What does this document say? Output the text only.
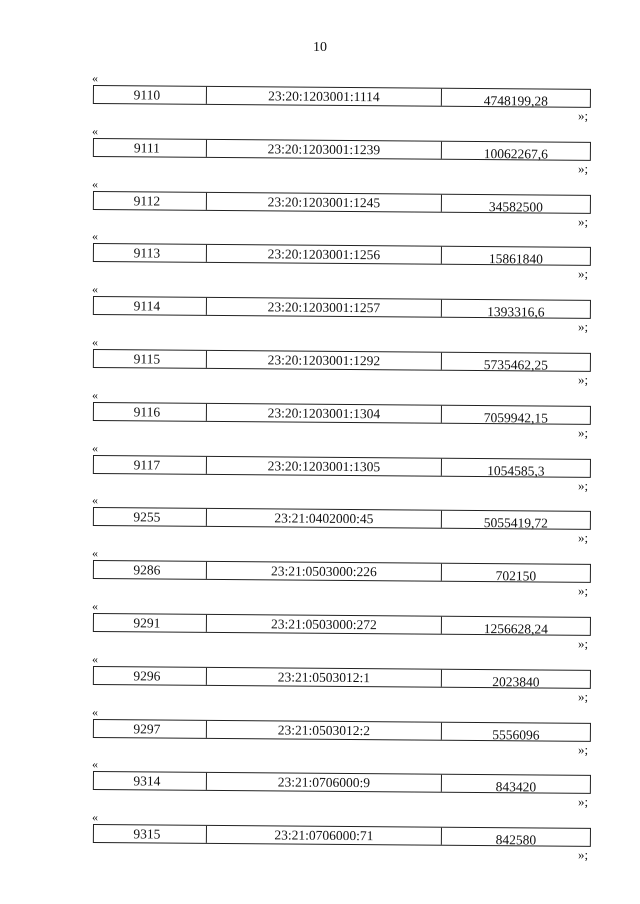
10
«
9110	23:20:1203001:1114	4748199,28
»;
«
9111	23:20:1203001:1239	10062267,6
»;
«
9112	23:20:1203001:1245	34582500
»;
«
9113	23:20:1203001:1256	15861840
»;
«
9114	23:20:1203001:1257	1393316,6
»;
«
9115	23:20:1203001:1292	5735462,25
»;
«
9116	23:20:1203001:1304	7059942,15
»;
«
9117	23:20:1203001:1305	1054585,3
»;
«
9255	23:21:0402000:45	5055419,72
»;
«
9286	23:21:0503000:226	702150
»;
«
9291	23:21:0503000:272	1256628,24
»;
«
9296	23:21:0503012:1	2023840
»;
«
9297	23:21:0503012:2	5556096
»;
«
9314	23:21:0706000:9	843420
»;
«
9315	23:21:0706000:71	842580
»;
